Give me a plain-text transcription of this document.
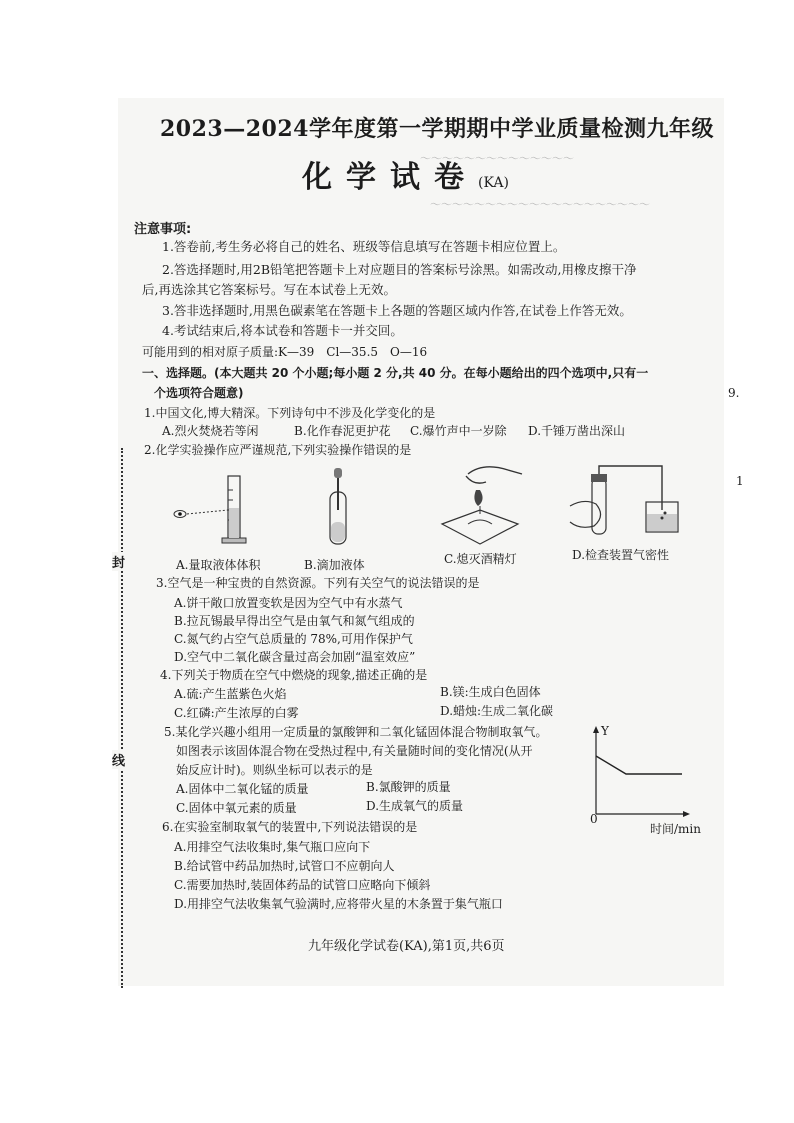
～～～～～～～～～～～～～～
～～～～～～～～～～～～～～～～～～～～
封
线
9.
1
2023—2024学年度第一学期期中学业质量检测九年级
化学试卷(KA)
注意事项:
1.答卷前,考生务必将自己的姓名、班级等信息填写在答题卡相应位置上。
2.答选择题时,用2B铅笔把答题卡上对应题目的答案标号涂黑。如需改动,用橡皮擦干净
后,再选涂其它答案标号。写在本试卷上无效。
3.答非选择题时,用黑色碳素笔在答题卡上各题的答题区域内作答,在试卷上作答无效。
4.考试结束后,将本试卷和答题卡一并交回。
可能用到的相对原子质量:K—39　Cl—35.5　O—16
一、选择题。(本大题共 20 个小题;每小题 2 分,共 40 分。在每小题给出的四个选项中,只有一
个选项符合题意)
1.中国文化,博大精深。下列诗句中不涉及化学变化的是
A.烈火焚烧若等闲	B.化作春泥更护花 C.爆竹声中一岁除 D.千锤万凿出深山
2.化学实验操作应严谨规范,下列实验操作错误的是
A.量取液体体积	B.滴加液体	C.熄灭酒精灯	D.检查装置气密性
3.空气是一种宝贵的自然资源。下列有关空气的说法错误的是
A.饼干敞口放置变软是因为空气中有水蒸气
B.拉瓦锡最早得出空气是由氧气和氮气组成的
C.氮气约占空气总质量的 78%,可用作保护气
D.空气中二氧化碳含量过高会加剧“温室效应”
4.下列关于物质在空气中燃烧的现象,描述正确的是
A.硫:产生蓝紫色火焰	B.镁:生成白色固体
C.红磷:产生浓厚的白雾	D.蜡烛:生成二氧化碳
5.某化学兴趣小组用一定质量的氯酸钾和二氧化锰固体混合物制取氧气。
如图表示该固体混合物在受热过程中,有关量随时间的变化情况(从开
始反应计时)。则纵坐标可以表示的是
A.固体中二氧化锰的质量	B.氯酸钾的质量
C.固体中氧元素的质量	D.生成氧气的质量
Y
0
时间/min
6.在实验室制取氧气的装置中,下列说法错误的是
A.用排空气法收集时,集气瓶口应向下
B.给试管中药品加热时,试管口不应朝向人
C.需要加热时,装固体药品的试管口应略向下倾斜
D.用排空气法收集氧气验满时,应将带火星的木条置于集气瓶口
九年级化学试卷(KA),第1页,共6页
